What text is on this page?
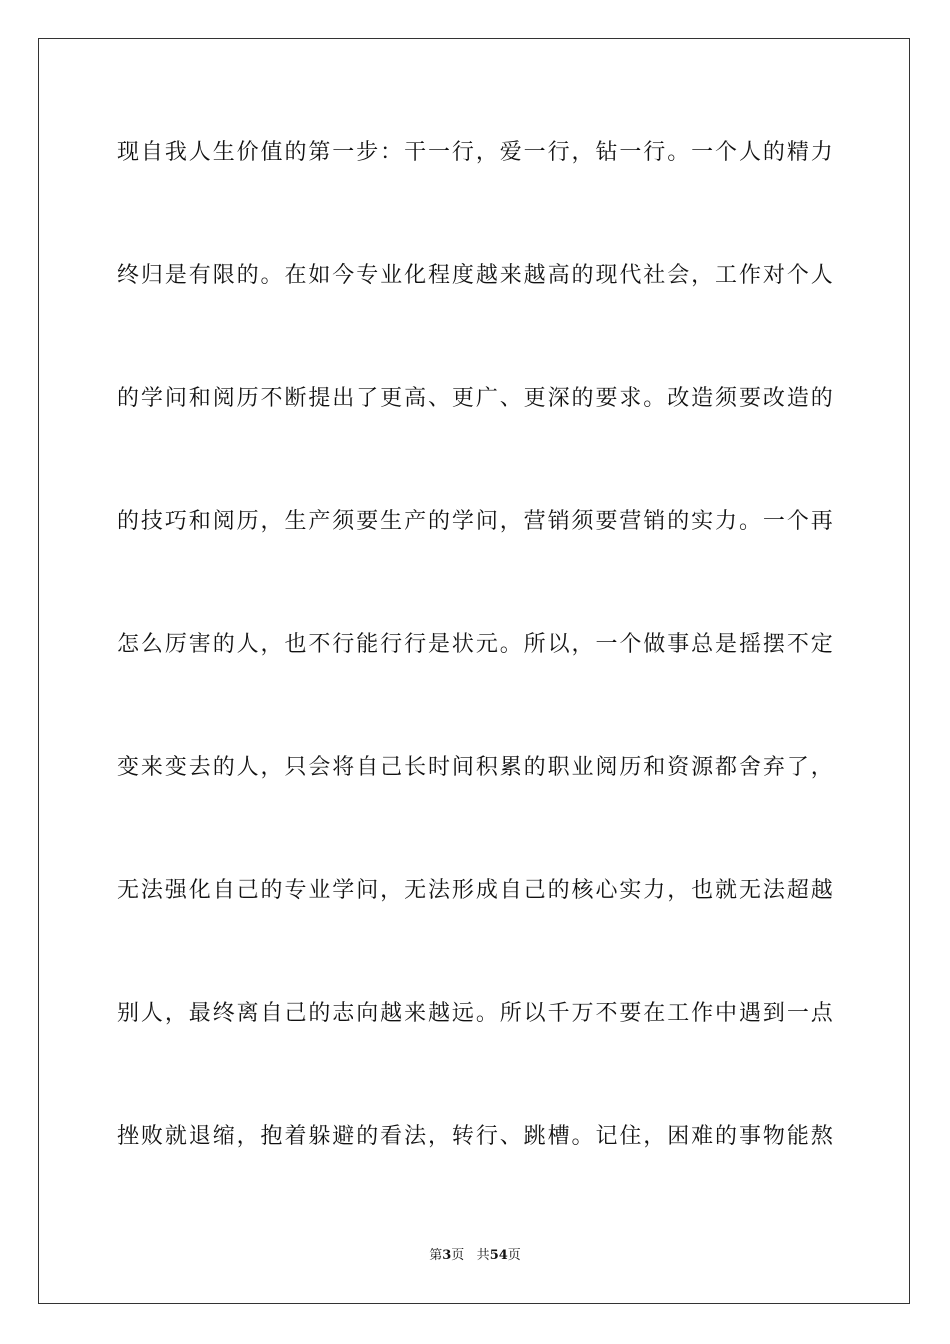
现 自 我 人 生 价 值 的 第 一 步 ： 干 一 行 ， 爱 一 行 ， 钻 一 行 。 一 个 人 的 精 力
终 归 是 有 限 的 。 在 如 今 专 业 化 程 度 越 来 越 高 的 现 代 社 会 ， 工 作 对 个 人
的 学 问 和 阅 历 不 断 提 出 了 更 高 、 更 广 、 更 深 的 要 求 。 改 造 须 要 改 造 的
的 技 巧 和 阅 历 ， 生 产 须 要 生 产 的 学 问 ， 营 销 须 要 营 销 的 实 力 。 一 个 再
怎 么 厉 害 的 人 ， 也 不 行 能 行 行 是 状 元 。 所 以 ， 一 个 做 事 总 是 摇 摆 不 定
变 来 变 去 的 人 ， 只 会 将 自 己 长 时 间 积 累 的 职 业 阅 历 和 资 源 都 舍 弃 了 ，
无 法 强 化 自 己 的 专 业 学 问 ， 无 法 形 成 自 己 的 核 心 实 力 ， 也 就 无 法 超 越
别 人 ， 最 终 离 自 己 的 志 向 越 来 越 远 。 所 以 千 万 不 要 在 工 作 中 遇 到 一 点
挫 败 就 退 缩 ， 抱 着 躲 避 的 看 法 ， 转 行 、 跳 槽 。 记 住 ， 困 难 的 事 物 能 熬
第3页 共54页
